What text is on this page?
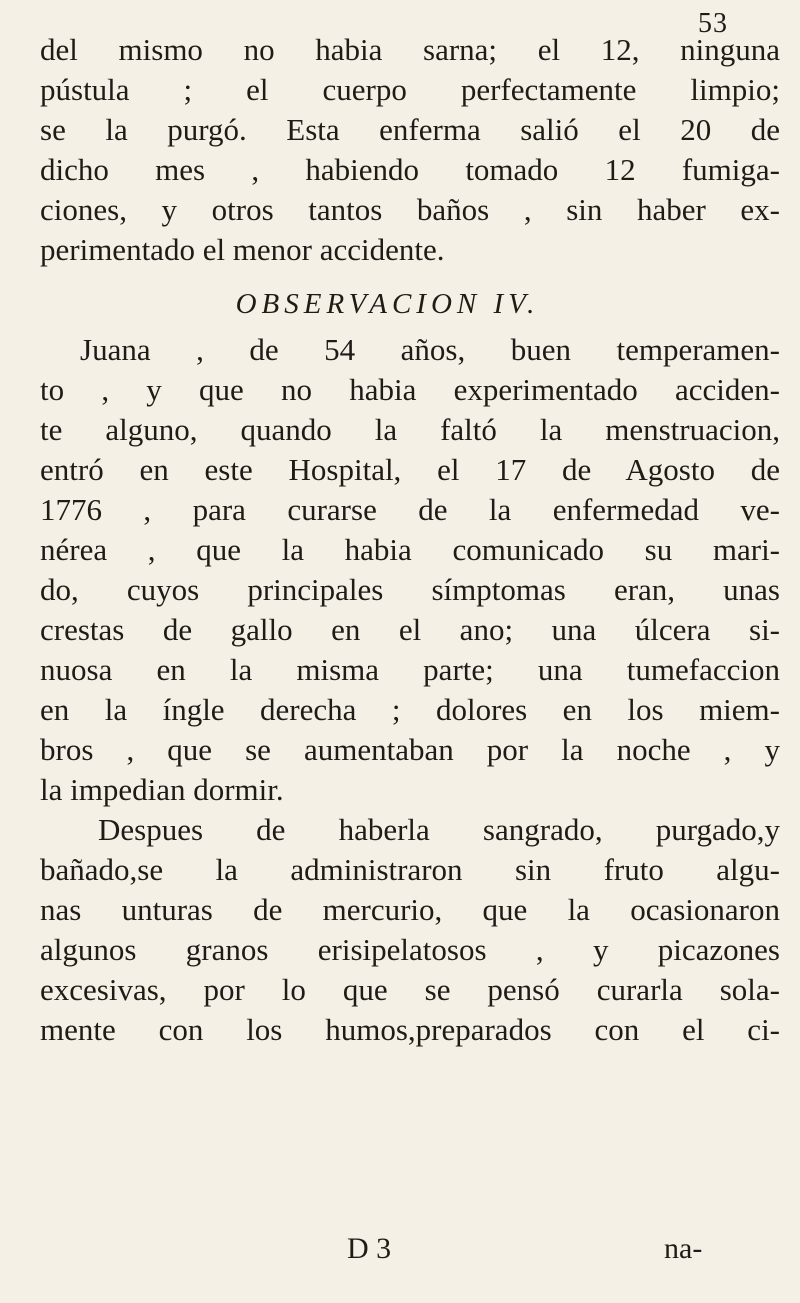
53
del mismo no habia sarna; el 12, ninguna
pústula ; el cuerpo perfectamente limpio;
se la purgó. Esta enferma salió el 20 de
dicho mes , habiendo tomado 12 fumiga-
ciones, y otros tantos baños , sin haber ex-
perimentado el menor accidente.
OBSERVACION IV.
Juana , de 54 años, buen temperamen-
to , y que no habia experimentado acciden-
te alguno, quando la faltó la menstruacion,
entró en este Hospital, el 17 de Agosto de
1776 , para curarse de la enfermedad ve-
nérea , que la habia comunicado su mari-
do, cuyos principales símptomas eran, unas
crestas de gallo en el ano; una úlcera si-
nuosa en la misma parte; una tumefaccion
en la íngle derecha ; dolores en los miem-
bros , que se aumentaban por la noche , y
la impedian dormir.
Despues de haberla sangrado, purgado,y
bañado,se la administraron sin fruto algu-
nas unturas de mercurio, que la ocasionaron
algunos granos erisipelatosos , y picazones
excesivas, por lo que se pensó curarla sola-
mente con los humos,preparados con el ci-
D 3	na-
